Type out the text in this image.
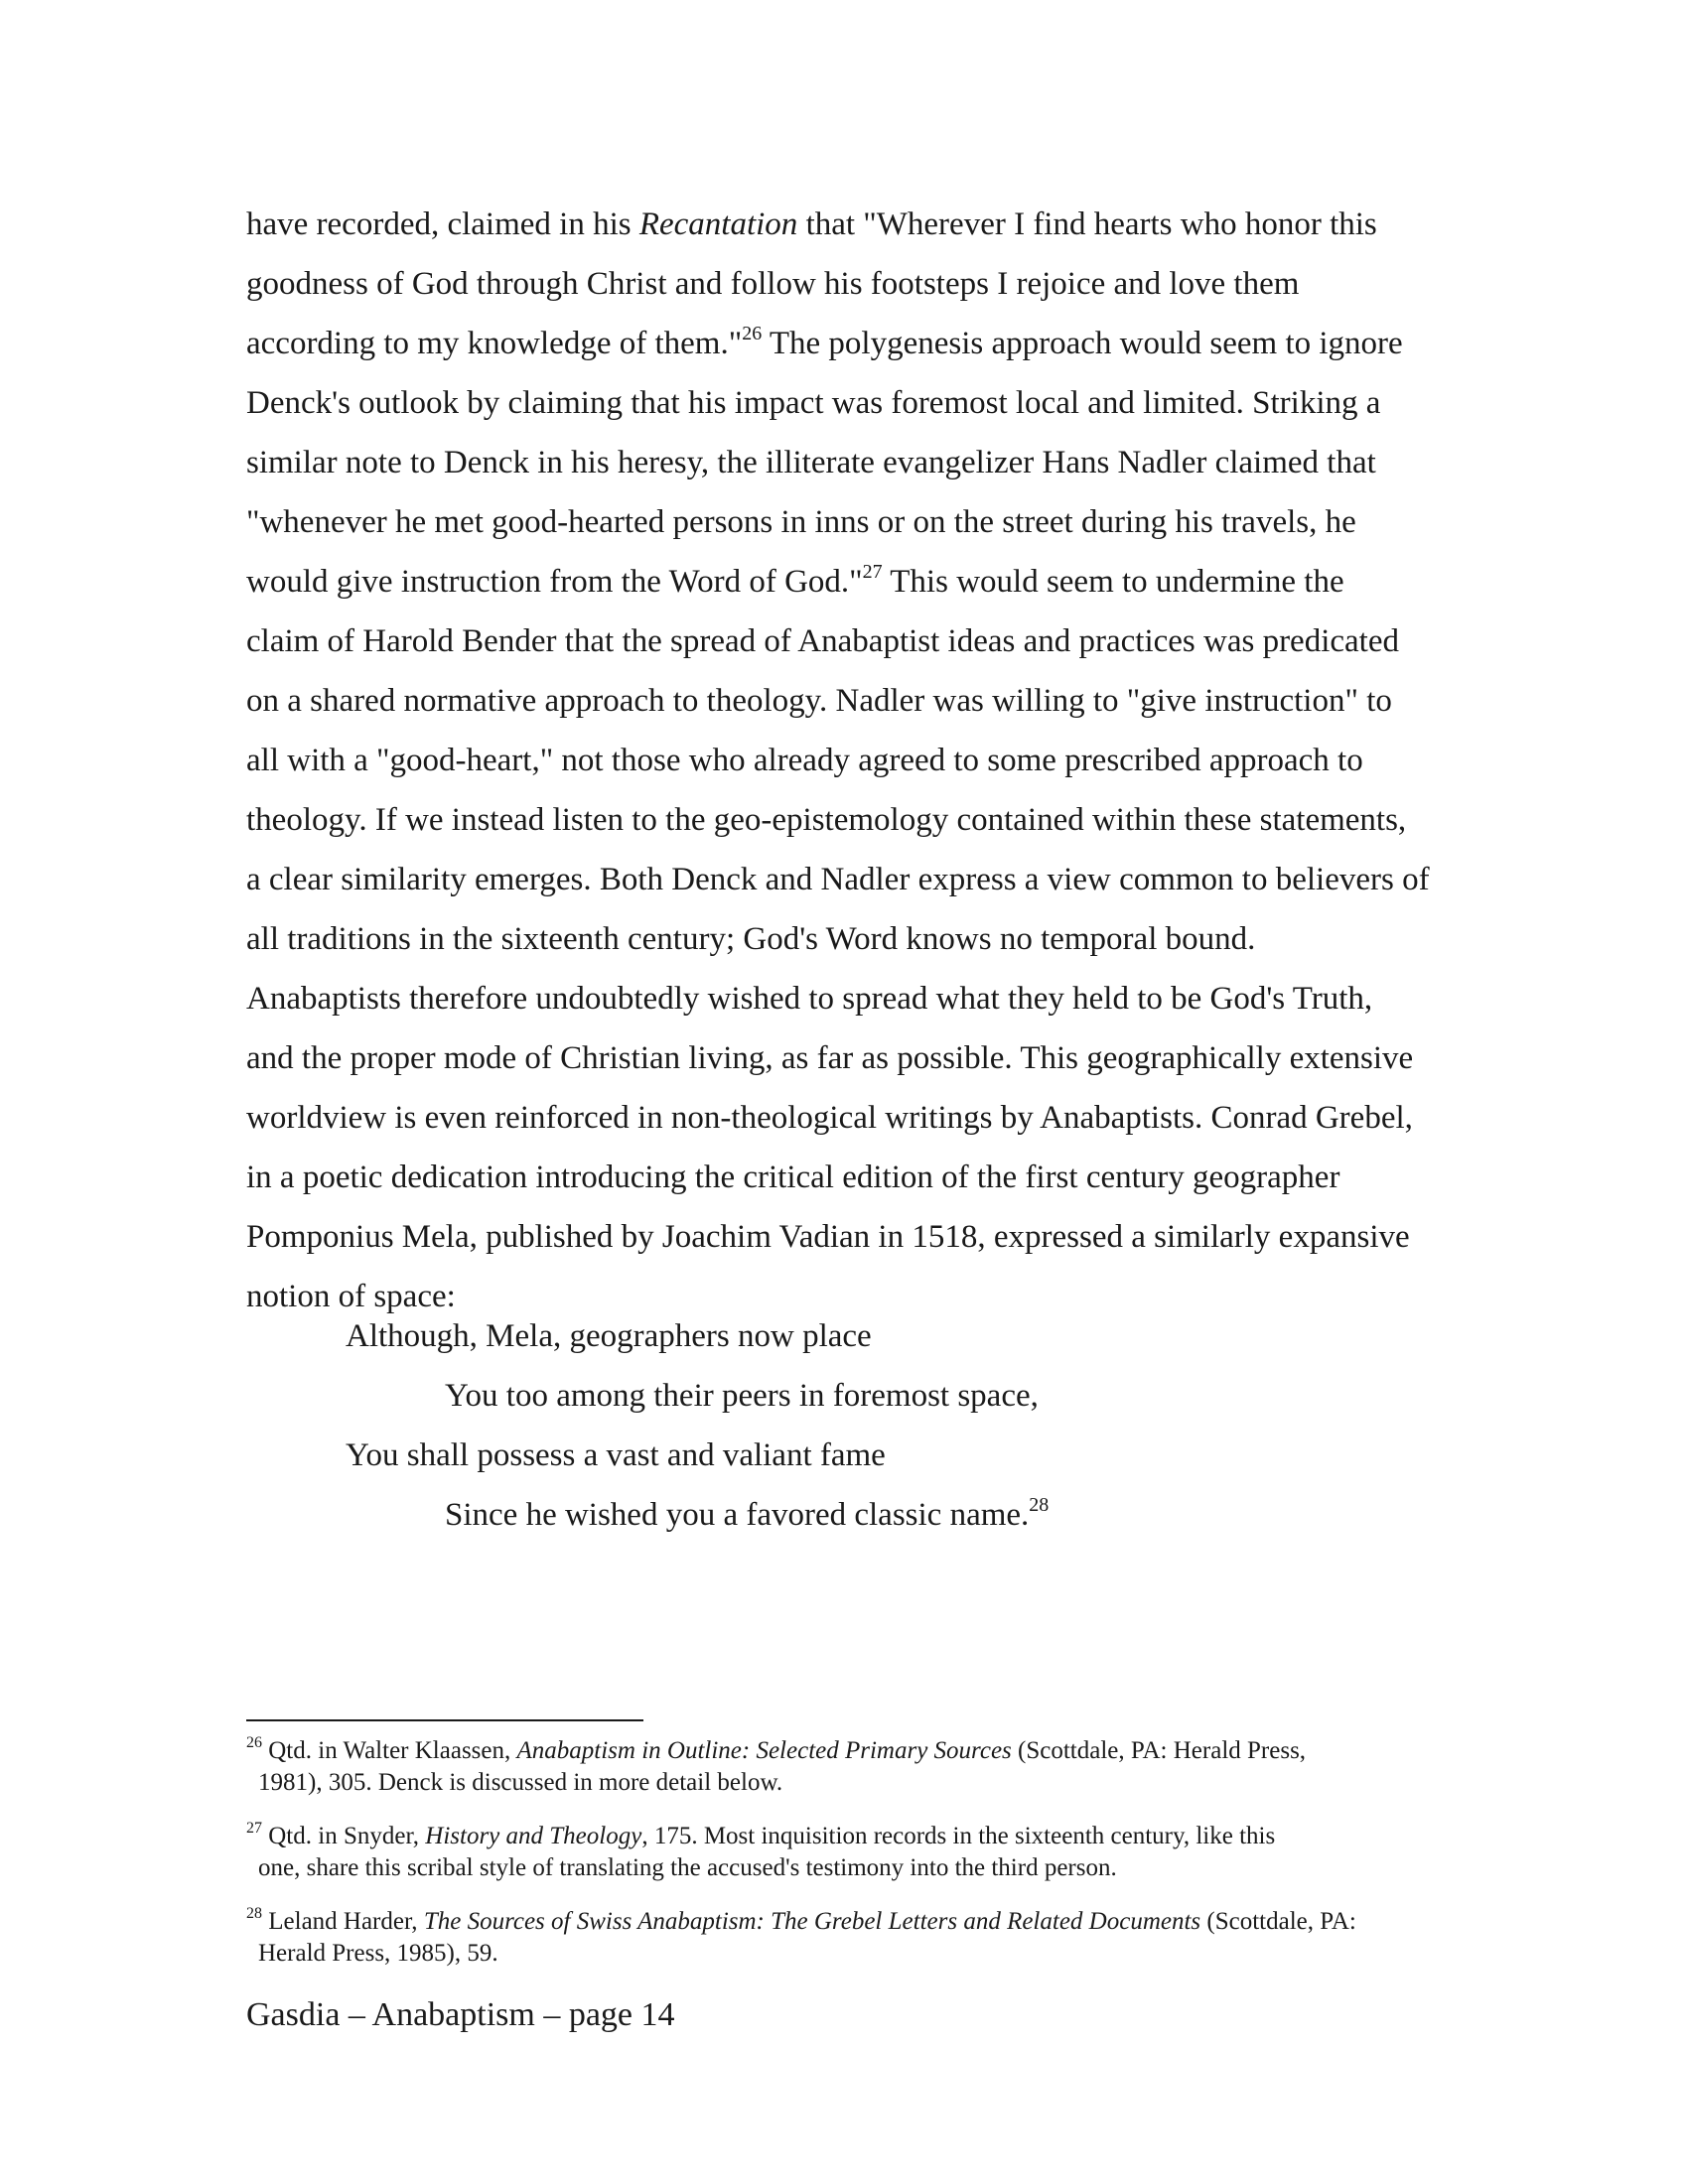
have recorded, claimed in his Recantation that "Wherever I find hearts who honor this
goodness of God through Christ and follow his footsteps I rejoice and love them
according to my knowledge of them."$^{26}$ The polygenesis approach would seem to ignore
Denck's outlook by claiming that his impact was foremost local and limited. Striking a
similar note to Denck in his heresy, the illiterate evangelizer Hans Nadler claimed that
"whenever he met good-hearted persons in inns or on the street during his travels, he
would give instruction from the Word of God."$^{27}$ This would seem to undermine the
claim of Harold Bender that the spread of Anabaptist ideas and practices was predicated
on a shared normative approach to theology. Nadler was willing to "give instruction" to
all with a "good-heart," not those who already agreed to some prescribed approach to
theology. If we instead listen to the geo-epistemology contained within these statements,
a clear similarity emerges. Both Denck and Nadler express a view common to believers of
all traditions in the sixteenth century; God's Word knows no temporal bound.
Anabaptists therefore undoubtedly wished to spread what they held to be God's Truth,
and the proper mode of Christian living, as far as possible. This geographically extensive
worldview is even reinforced in non-theological writings by Anabaptists. Conrad Grebel,
in a poetic dedication introducing the critical edition of the first century geographer
Pomponius Mela, published by Joachim Vadian in 1518, expressed a similarly expansive
notion of space:
Although, Mela, geographers now place
You too among their peers in foremost space,
You shall possess a vast and valiant fame
Since he wished you a favored classic name.$^{28}$
$^{26}$ Qtd. in Walter Klaassen, Anabaptism in Outline: Selected Primary Sources (Scottdale, PA: Herald Press,
1981), 305. Denck is discussed in more detail below.
$^{27}$ Qtd. in Snyder, History and Theology, 175. Most inquisition records in the sixteenth century, like this
one, share this scribal style of translating the accused's testimony into the third person.
$^{28}$ Leland Harder, The Sources of Swiss Anabaptism: The Grebel Letters and Related Documents (Scottdale, PA:
Herald Press, 1985), 59.
Gasdia – Anabaptism – page 14
